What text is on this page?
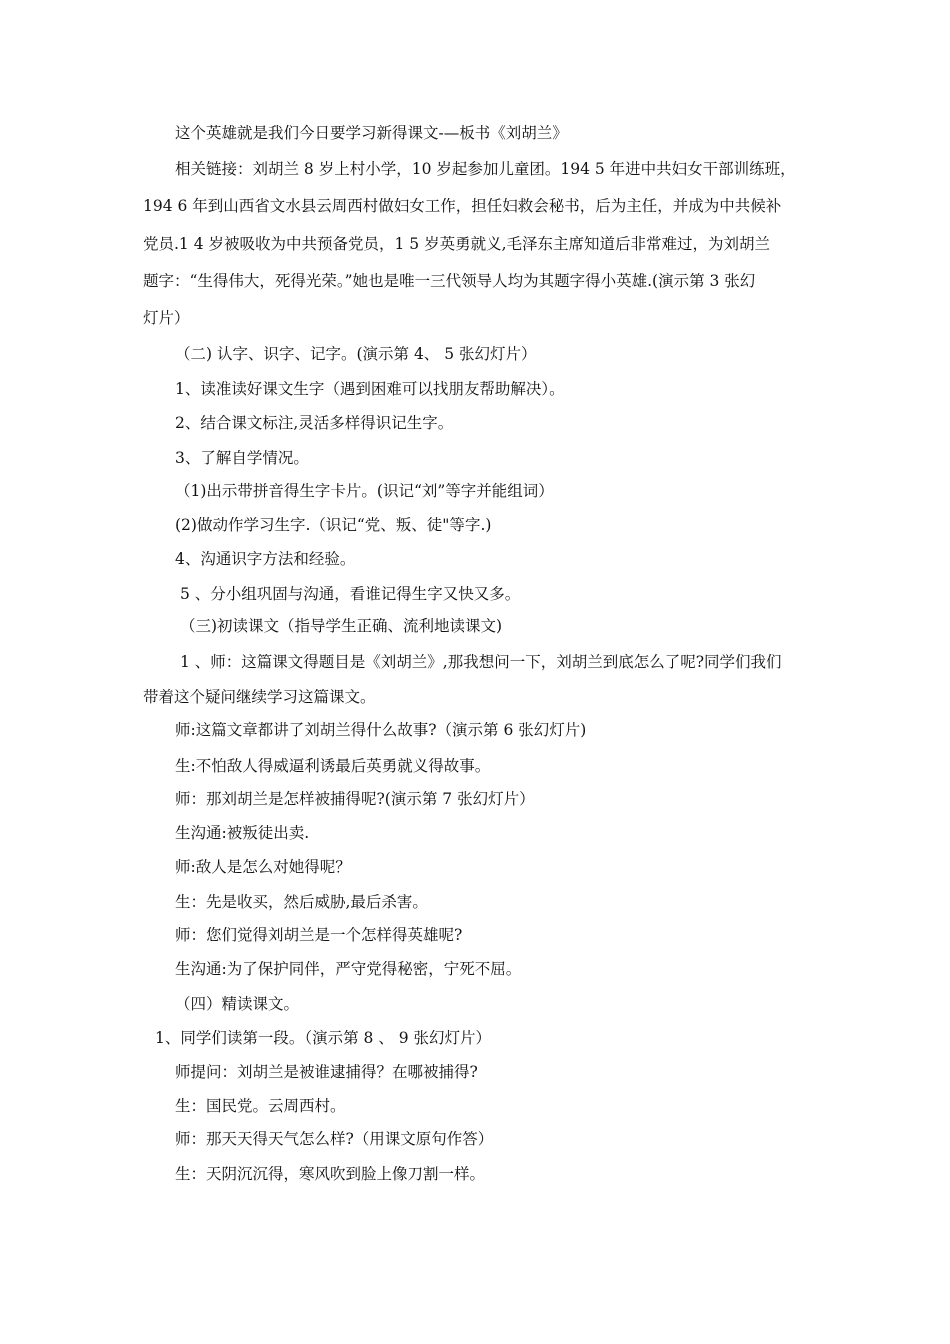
这个英雄就是我们今日要学习新得课文-—板书《刘胡兰》
相关链接：刘胡兰 8 岁上村小学，10 岁起参加儿童团。194 5 年进中共妇女干部训练班，
194 6 年到山西省文水县云周西村做妇女工作，担任妇救会秘书，后为主任，并成为中共候补
党员.1 4 岁被吸收为中共预备党员，1 5 岁英勇就义,毛泽东主席知道后非常难过，为刘胡兰
题字：“生得伟大，死得光荣。”她也是唯一三代领导人均为其题字得小英雄.(演示第 3 张幻
灯片）
（二) 认字、识字、记字。(演示第 4、 5 张幻灯片）
1、读准读好课文生字（遇到困难可以找朋友帮助解决）。
2、结合课文标注,灵活多样得识记生字。
3、了解自学情况。
（1)出示带拼音得生字卡片。(识记“刘”等字并能组词）
(2)做动作学习生字.（识记“党、叛、徒"等字.)
4、沟通识字方法和经验。
5 、分小组巩固与沟通，看谁记得生字又快又多。
（三)初读课文（指导学生正确、流利地读课文)
1 、师：这篇课文得题目是《刘胡兰》,那我想问一下，刘胡兰到底怎么了呢?同学们我们
带着这个疑问继续学习这篇课文。
师:这篇文章都讲了刘胡兰得什么故事?（演示第 6 张幻灯片)
生:不怕敌人得威逼利诱最后英勇就义得故事。
师：那刘胡兰是怎样被捕得呢?(演示第 7 张幻灯片）
生沟通:被叛徒出卖.
师:敌人是怎么对她得呢？
生：先是收买，然后威胁,最后杀害。
师：您们觉得刘胡兰是一个怎样得英雄呢?
生沟通:为了保护同伴，严守党得秘密，宁死不屈。
（四）精读课文。
1、同学们读第一段。（演示第 8 、 9 张幻灯片）
师提问：刘胡兰是被谁逮捕得？在哪被捕得?
生：国民党。云周西村。
师：那天天得天气怎么样?（用课文原句作答）
生：天阴沉沉得，寒风吹到脸上像刀割一样。
